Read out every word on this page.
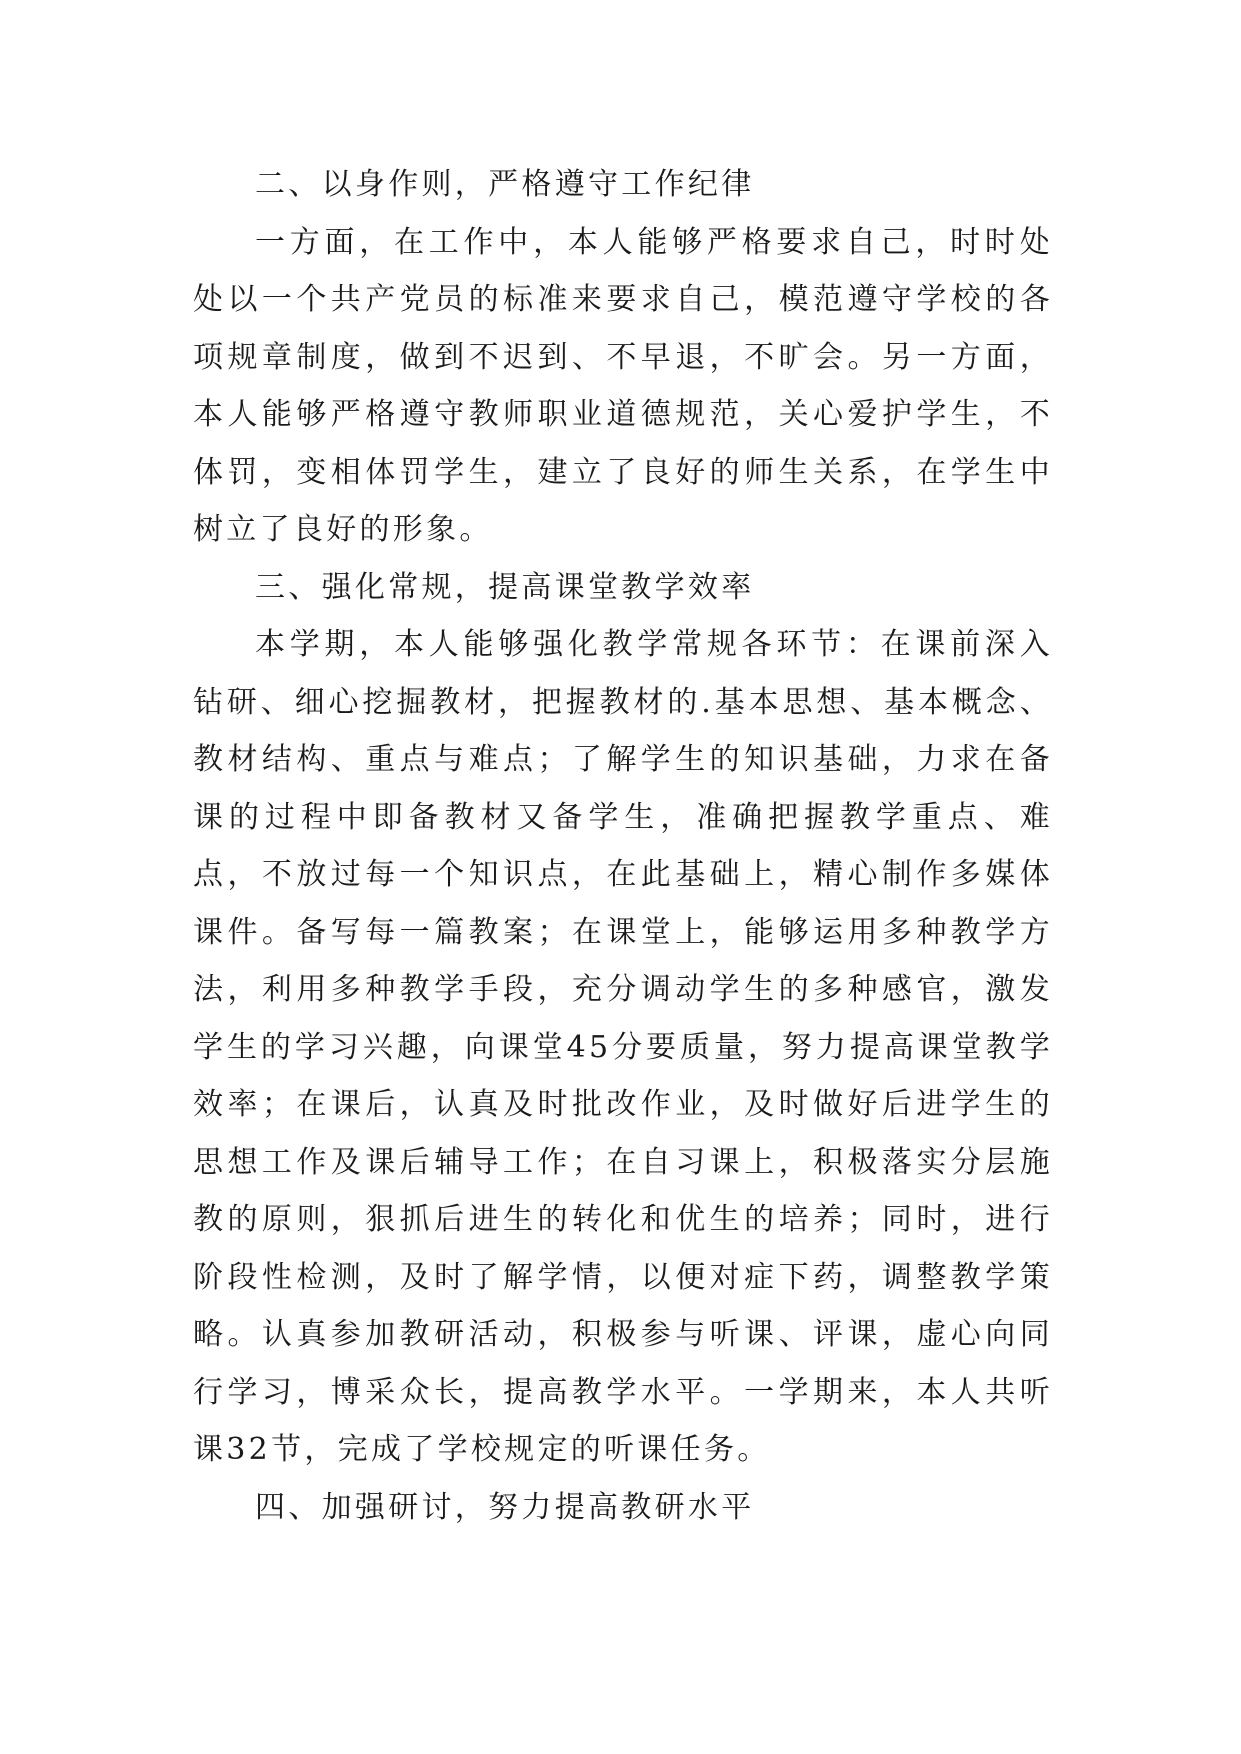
二、以身作则，严格遵守工作纪律

一方面，在工作中，本人能够严格要求自己，时时处处以一个共产党员的标准来要求自己，模范遵守学校的各项规章制度，做到不迟到、不早退，不旷会。另一方面，本人能够严格遵守教师职业道德规范，关心爱护学生，不体罚，变相体罚学生，建立了良好的师生关系，在学生中树立了良好的形象。

三、强化常规，提高课堂教学效率

本学期，本人能够强化教学常规各环节：在课前深入钻研、细心挖掘教材，把握教材的.基本思想、基本概念、教材结构、重点与难点；了解学生的知识基础，力求在备课的过程中即备教材又备学生，准确把握教学重点、难点，不放过每一个知识点，在此基础上，精心制作多媒体课件。备写每一篇教案；在课堂上，能够运用多种教学方法，利用多种教学手段，充分调动学生的多种感官，激发学生的学习兴趣，向课堂45分要质量，努力提高课堂教学效率；在课后，认真及时批改作业，及时做好后进学生的思想工作及课后辅导工作；在自习课上，积极落实分层施教的原则，狠抓后进生的转化和优生的培养；同时，进行阶段性检测，及时了解学情，以便对症下药，调整教学策略。认真参加教研活动，积极参与听课、评课，虚心向同行学习，博采众长，提高教学水平。一学期来，本人共听课32节，完成了学校规定的听课任务。

四、加强研讨，努力提高教研水平
